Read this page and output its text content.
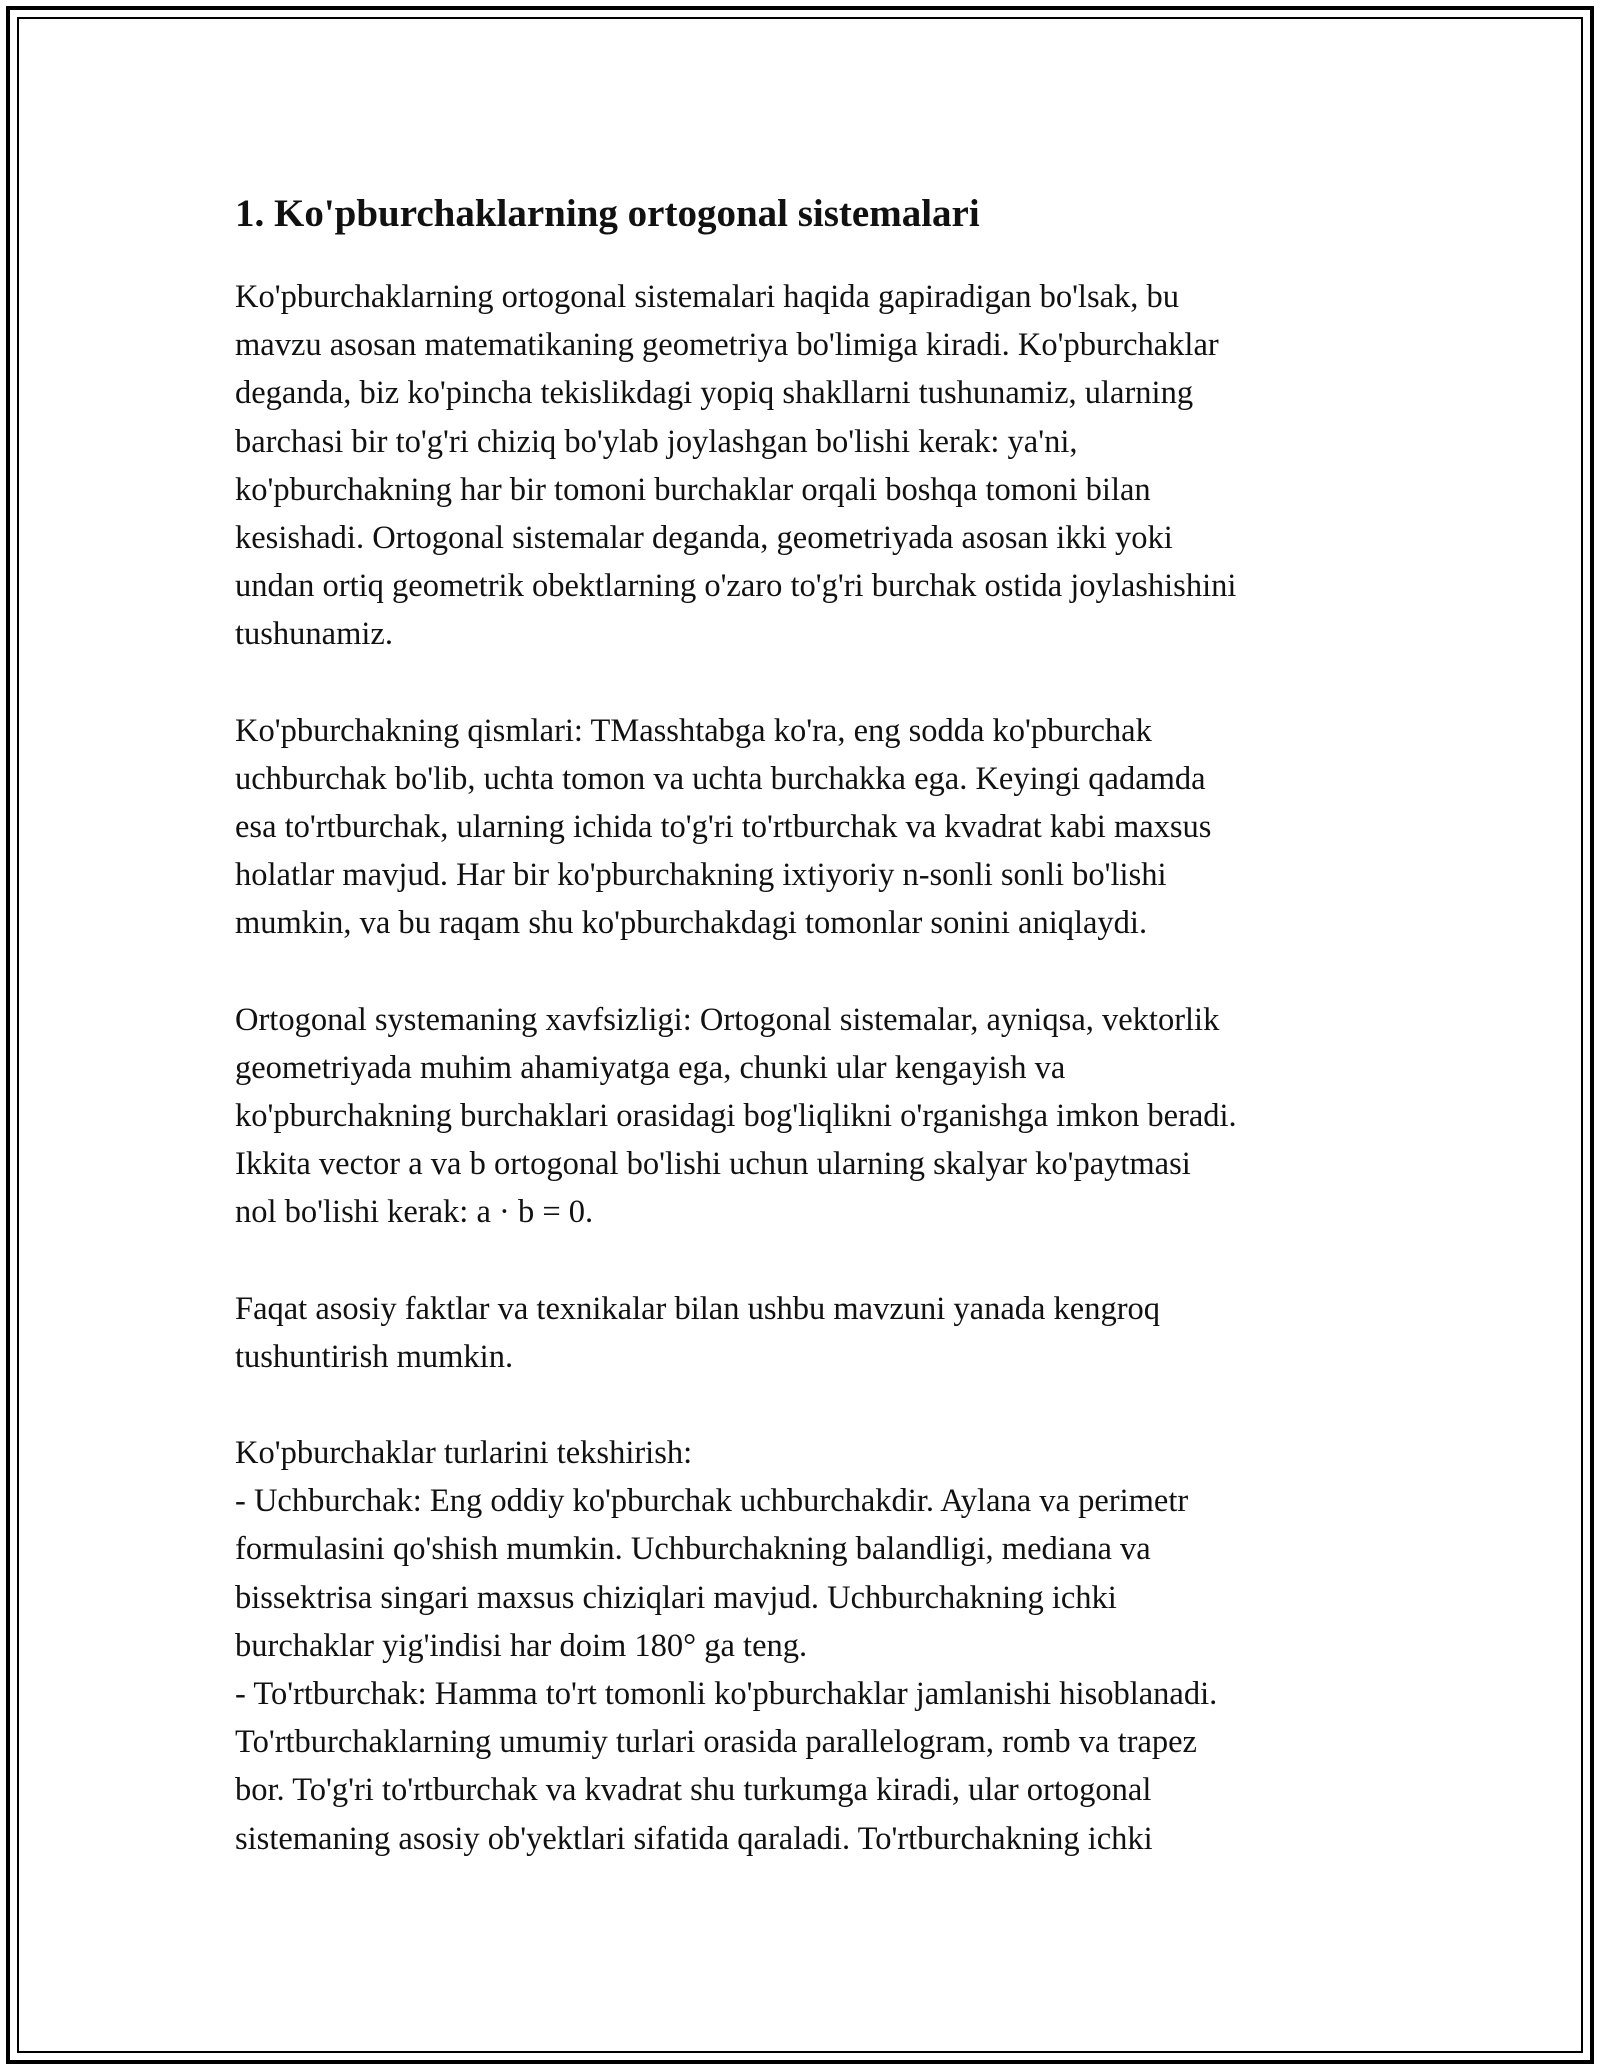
1. Ko'pburchaklarning ortogonal sistemalari

Ko'pburchaklarning ortogonal sistemalari haqida gapiradigan bo'lsak, bu
mavzu asosan matematikaning geometriya bo'limiga kiradi. Ko'pburchaklar
deganda, biz ko'pincha tekislikdagi yopiq shakllarni tushunamiz, ularning
barchasi bir to'g'ri chiziq bo'ylab joylashgan bo'lishi kerak: ya'ni,
ko'pburchakning har bir tomoni burchaklar orqali boshqa tomoni bilan
kesishadi. Ortogonal sistemalar deganda, geometriyada asosan ikki yoki
undan ortiq geometrik obektlarning o'zaro to'g'ri burchak ostida joylashishini
tushunamiz.

Ko'pburchakning qismlari: TMasshtabga ko'ra, eng sodda ko'pburchak
uchburchak bo'lib, uchta tomon va uchta burchakka ega. Keyingi qadamda
esa to'rtburchak, ularning ichida to'g'ri to'rtburchak va kvadrat kabi maxsus
holatlar mavjud. Har bir ko'pburchakning ixtiyoriy n-sonli sonli bo'lishi
mumkin, va bu raqam shu ko'pburchakdagi tomonlar sonini aniqlaydi.

Ortogonal systemaning xavfsizligi: Ortogonal sistemalar, ayniqsa, vektorlik
geometriyada muhim ahamiyatga ega, chunki ular kengayish va
ko'pburchakning burchaklari orasidagi bog'liqlikni o'rganishga imkon beradi.
Ikkita vector a va b ortogonal bo'lishi uchun ularning skalyar ko'paytmasi
nol bo'lishi kerak: a · b = 0.

Faqat asosiy faktlar va texnikalar bilan ushbu mavzuni yanada kengroq
tushuntirish mumkin.

Ko'pburchaklar turlarini tekshirish:
- Uchburchak: Eng oddiy ko'pburchak uchburchakdir. Aylana va perimetr
formulasini qo'shish mumkin. Uchburchakning balandligi, mediana va
bissektrisa singari maxsus chiziqlari mavjud. Uchburchakning ichki
burchaklar yig'indisi har doim 180° ga teng.
- To'rtburchak: Hamma to'rt tomonli ko'pburchaklar jamlanishi hisoblanadi.
To'rtburchaklarning umumiy turlari orasida parallelogram, romb va trapez
bor. To'g'ri to'rtburchak va kvadrat shu turkumga kiradi, ular ortogonal
sistemaning asosiy ob'yektlari sifatida qaraladi. To'rtburchakning ichki
